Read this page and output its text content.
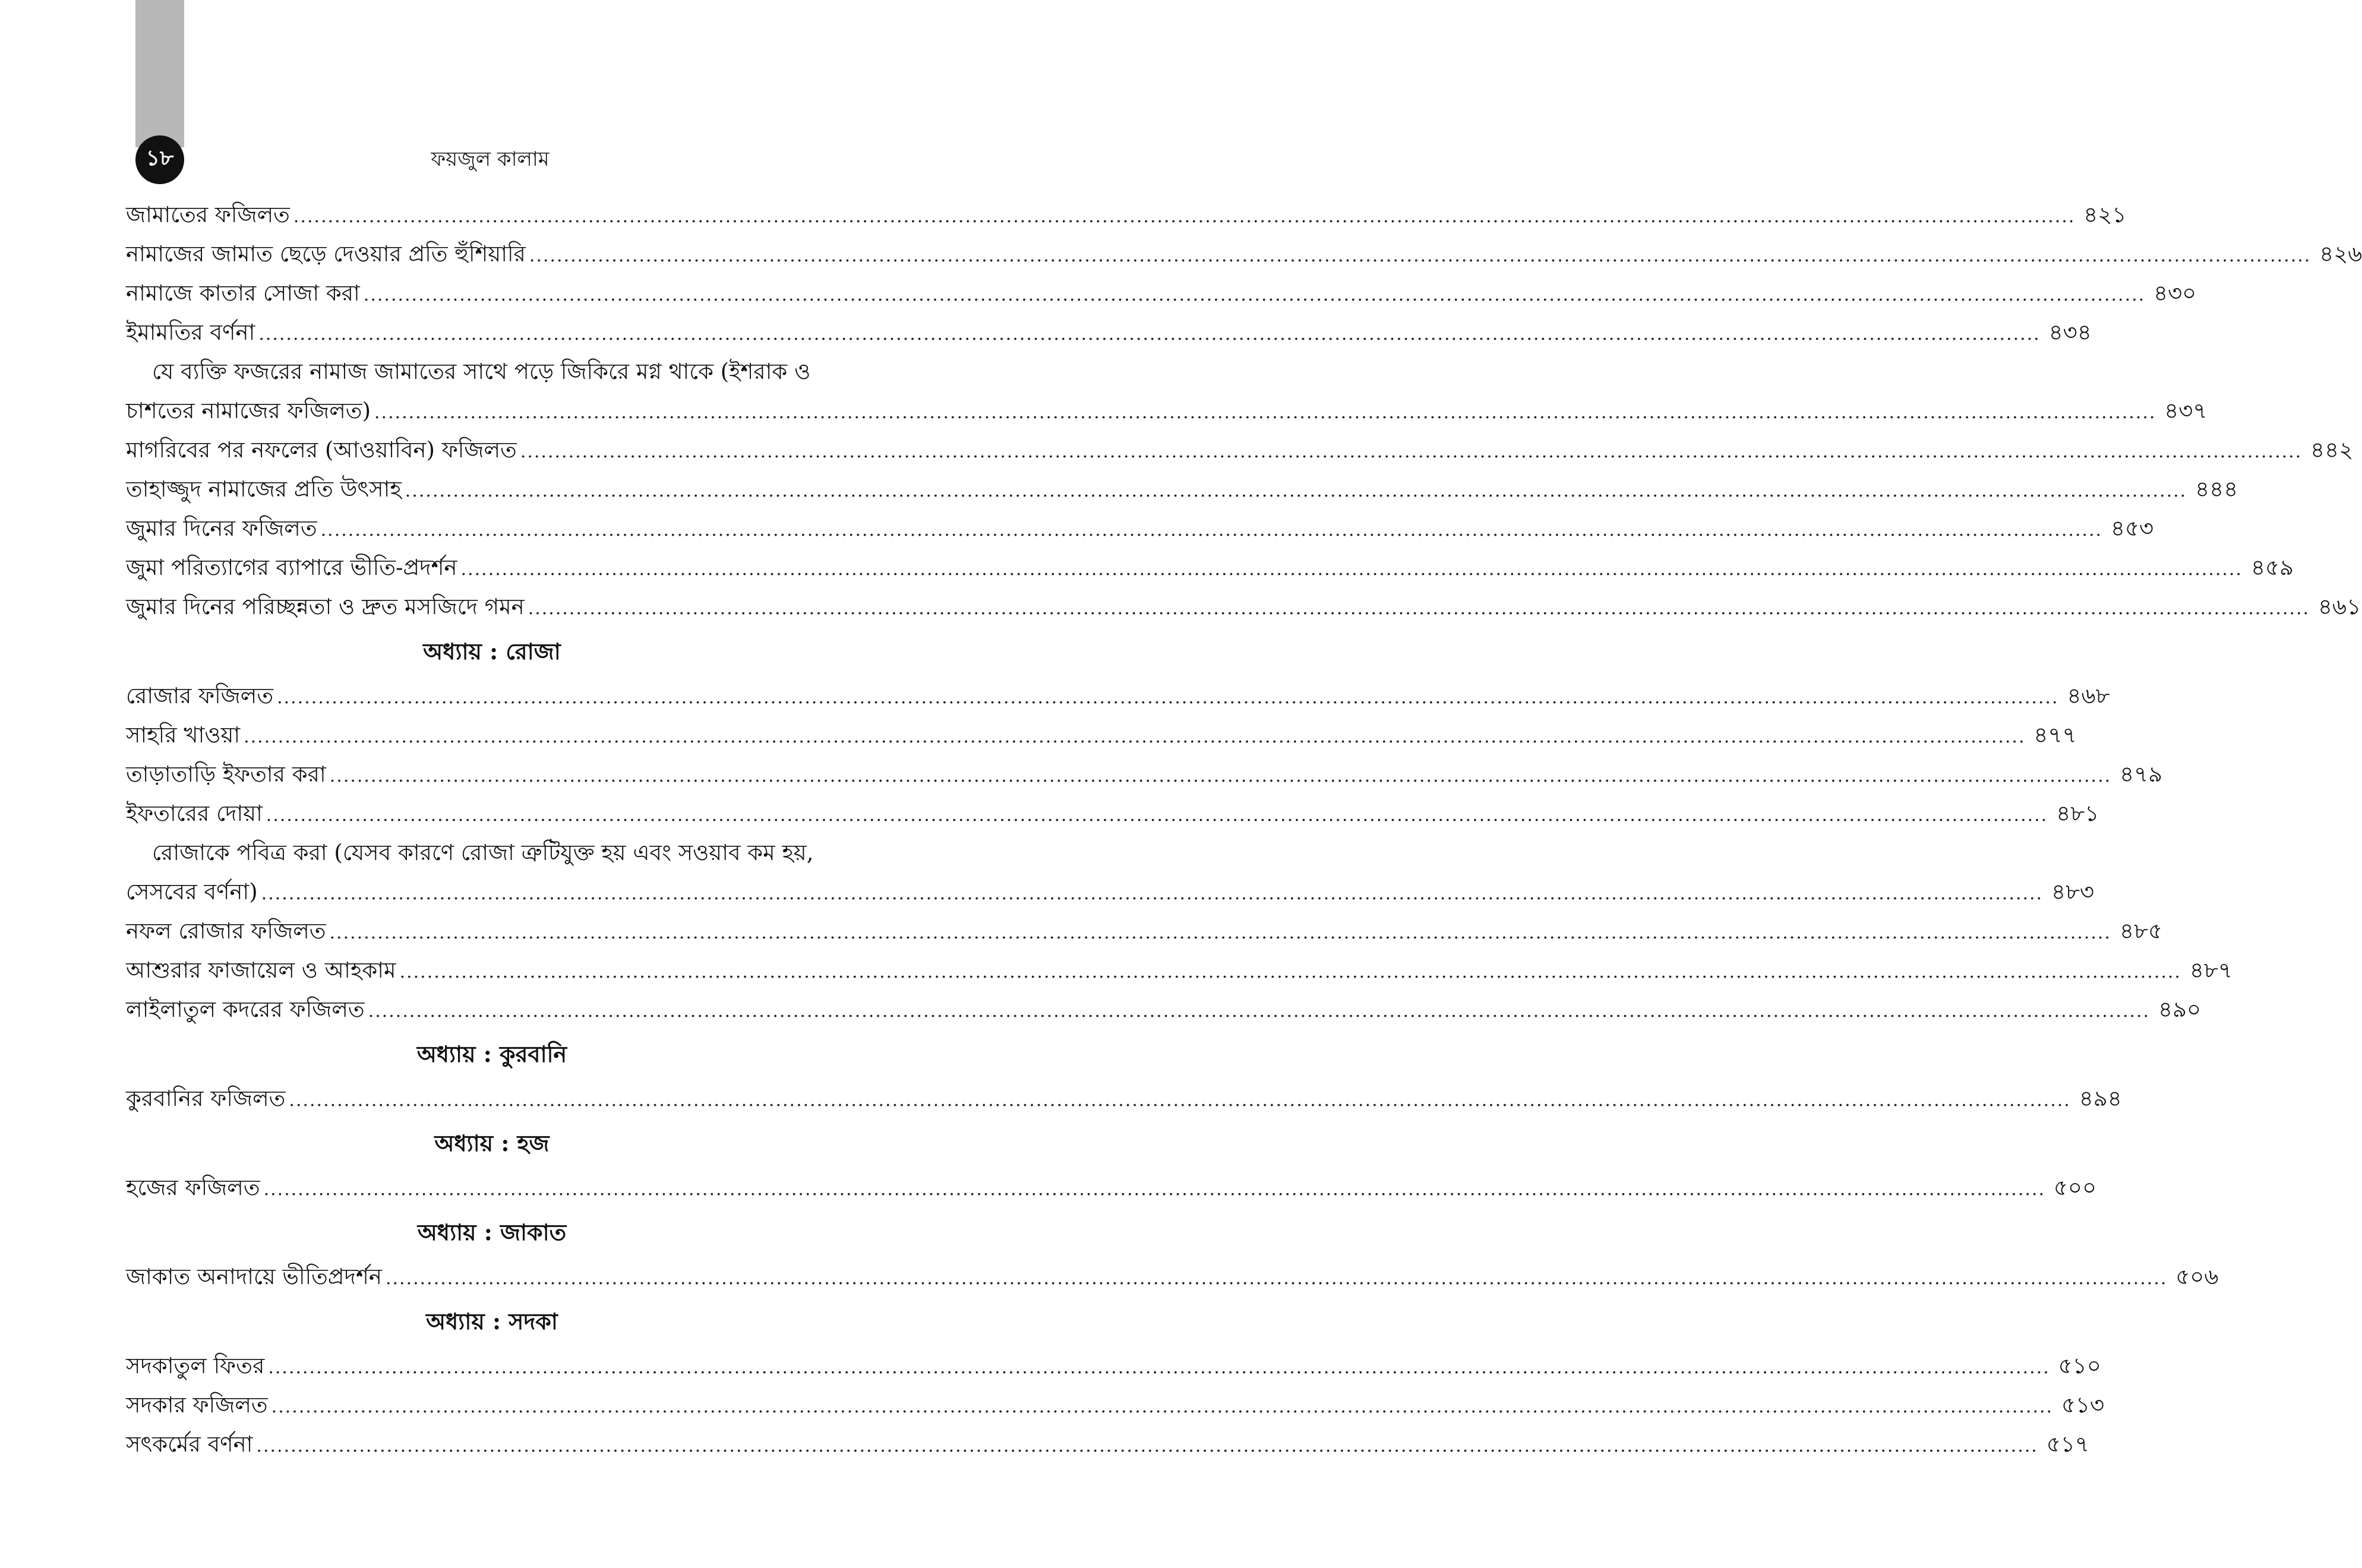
১৮	ফয়জুল কালাম
জামাতের ফজিলত .................................................................................................................................................................................................................................................................... ৪২১
নামাজের জামাত ছেড়ে দেওয়ার প্রতি হুঁশিয়ারি .................................................................................................................................................................................................................................................................... ৪২৬
নামাজে কাতার সোজা করা .................................................................................................................................................................................................................................................................... ৪৩০
ইমামতির বর্ণনা .................................................................................................................................................................................................................................................................... ৪৩৪
যে ব্যক্তি ফজরের নামাজ জামাতের সাথে পড়ে জিকিরে মগ্ন থাকে (ইশরাক ও
চাশতের নামাজের ফজিলত) .................................................................................................................................................................................................................................................................... ৪৩৭
মাগরিবের পর নফলের (আওয়াবিন) ফজিলত .................................................................................................................................................................................................................................................................... ৪৪২
তাহাজ্জুদ নামাজের প্রতি উৎসাহ .................................................................................................................................................................................................................................................................... ৪৪৪
জুমার দিনের ফজিলত .................................................................................................................................................................................................................................................................... ৪৫৩
জুমা পরিত্যাগের ব্যাপারে ভীতি-প্রদর্শন .................................................................................................................................................................................................................................................................... ৪৫৯
জুমার দিনের পরিচ্ছন্নতা ও দ্রুত মসজিদে গমন .................................................................................................................................................................................................................................................................... ৪৬১
অধ্যায় : রোজা
রোজার ফজিলত .................................................................................................................................................................................................................................................................... ৪৬৮
সাহরি খাওয়া .................................................................................................................................................................................................................................................................... ৪৭৭
তাড়াতাড়ি ইফতার করা .................................................................................................................................................................................................................................................................... ৪৭৯
ইফতারের দোয়া .................................................................................................................................................................................................................................................................... ৪৮১
রোজাকে পবিত্র করা (যেসব কারণে রোজা ত্রুটিযুক্ত হয় এবং সওয়াব কম হয়,
সেসবের বর্ণনা) .................................................................................................................................................................................................................................................................... ৪৮৩
নফল রোজার ফজিলত .................................................................................................................................................................................................................................................................... ৪৮৫
আশুরার ফাজায়েল ও আহকাম .................................................................................................................................................................................................................................................................... ৪৮৭
লাইলাতুল কদরের ফজিলত .................................................................................................................................................................................................................................................................... ৪৯০
অধ্যায় : কুরবানি
কুরবানির ফজিলত .................................................................................................................................................................................................................................................................... ৪৯৪
অধ্যায় : হজ
হজের ফজিলত .................................................................................................................................................................................................................................................................... ৫০০
অধ্যায় : জাকাত
জাকাত অনাদায়ে ভীতিপ্রদর্শন .................................................................................................................................................................................................................................................................... ৫০৬
অধ্যায় : সদকা
সদকাতুল ফিতর .................................................................................................................................................................................................................................................................... ৫১০
সদকার ফজিলত .................................................................................................................................................................................................................................................................... ৫১৩
সৎকর্মের বর্ণনা .................................................................................................................................................................................................................................................................... ৫১৭
